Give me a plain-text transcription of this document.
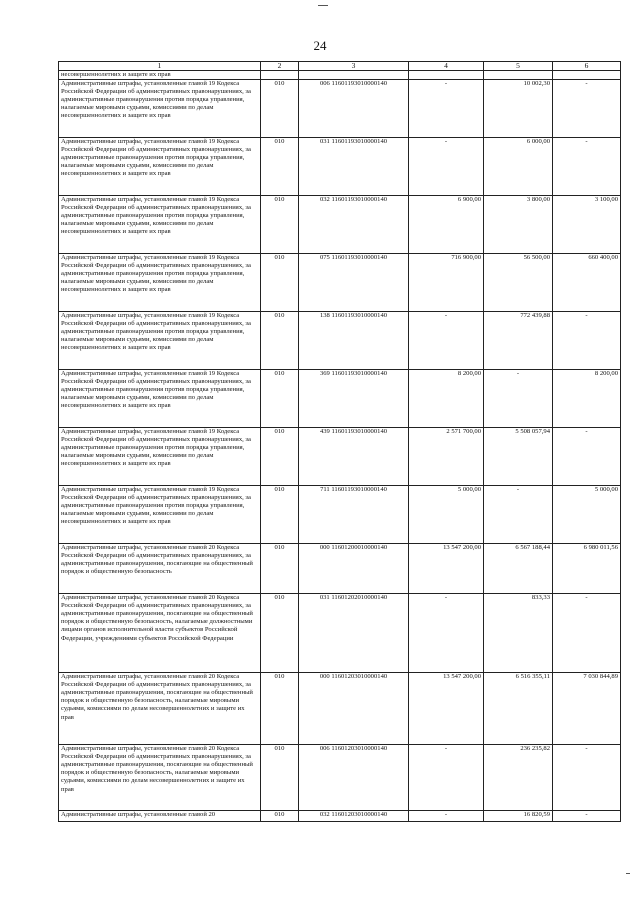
24
1	2	3	4	5	6
несовершеннолетних и защите их прав					
Административные штрафы, установленные главой 19 Кодекса Российской Федерации об административных правонарушениях, за административные правонарушения против порядка управления, налагаемые мировыми судьями, комиссиями по делам несовершеннолетних и защите их прав	010	006 11601193010000140	-	10 002,30	-
Административные штрафы, установленные главой 19 Кодекса Российской Федерации об административных правонарушениях, за административные правонарушения против порядка управления, налагаемые мировыми судьями, комиссиями по делам несовершеннолетних и защите их прав	010	031 11601193010000140	-	6 000,00	-
Административные штрафы, установленные главой 19 Кодекса Российской Федерации об административных правонарушениях, за административные правонарушения против порядка управления, налагаемые мировыми судьями, комиссиями по делам несовершеннолетних и защите их прав	010	032 11601193010000140	6 900,00	3 800,00	3 100,00
Административные штрафы, установленные главой 19 Кодекса Российской Федерации об административных правонарушениях, за административные правонарушения против порядка управления, налагаемые мировыми судьями, комиссиями по делам несовершеннолетних и защите их прав	010	075 11601193010000140	716 900,00	56 500,00	660 400,00
Административные штрафы, установленные главой 19 Кодекса Российской Федерации об административных правонарушениях, за административные правонарушения против порядка управления, налагаемые мировыми судьями, комиссиями по делам несовершеннолетних и защите их прав	010	138 11601193010000140	-	772 439,88	-
Административные штрафы, установленные главой 19 Кодекса Российской Федерации об административных правонарушениях, за административные правонарушения против порядка управления, налагаемые мировыми судьями, комиссиями по делам несовершеннолетних и защите их прав	010	369 11601193010000140	8 200,00	-	8 200,00
Административные штрафы, установленные главой 19 Кодекса Российской Федерации об административных правонарушениях, за административные правонарушения против порядка управления, налагаемые мировыми судьями, комиссиями по делам несовершеннолетних и защите их прав	010	439 11601193010000140	2 571 700,00	5 508 057,94	-
Административные штрафы, установленные главой 19 Кодекса Российской Федерации об административных правонарушениях, за административные правонарушения против порядка управления, налагаемые мировыми судьями, комиссиями по делам несовершеннолетних и защите их прав	010	711 11601193010000140	5 000,00	-	5 000,00
Административные штрафы, установленные главой 20 Кодекса Российской Федерации об административных правонарушениях, за административные правонарушения, посягающие на общественный порядок и общественную безопасность	010	000 11601200010000140	13 547 200,00	6 567 188,44	6 980 011,56
Административные штрафы, установленные главой 20 Кодекса Российской Федерации об административных правонарушениях, за административные правонарушения, посягающие на общественный порядок и общественную безопасность, налагаемые должностными лицами органов исполнительной власти субъектов Российской Федерации, учреждениями субъектов Российской Федерации	010	031 11601202010000140	-	833,33	-
Административные штрафы, установленные главой 20 Кодекса Российской Федерации об административных правонарушениях, за административные правонарушения, посягающие на общественный порядок и общественную безопасность, налагаемые мировыми судьями, комиссиями по делам несовершеннолетних и защите их прав	010	000 11601203010000140	13 547 200,00	6 516 355,11	7 030 844,89
Административные штрафы, установленные главой 20 Кодекса Российской Федерации об административных правонарушениях, за административные правонарушения, посягающие на общественный порядок и общественную безопасность, налагаемые мировыми судьями, комиссиями по делам несовершеннолетних и защите их прав	010	006 11601203010000140	-	236 235,82	-
Административные штрафы, установленные главой 20	010	032 11601203010000140	-	16 820,59	-
